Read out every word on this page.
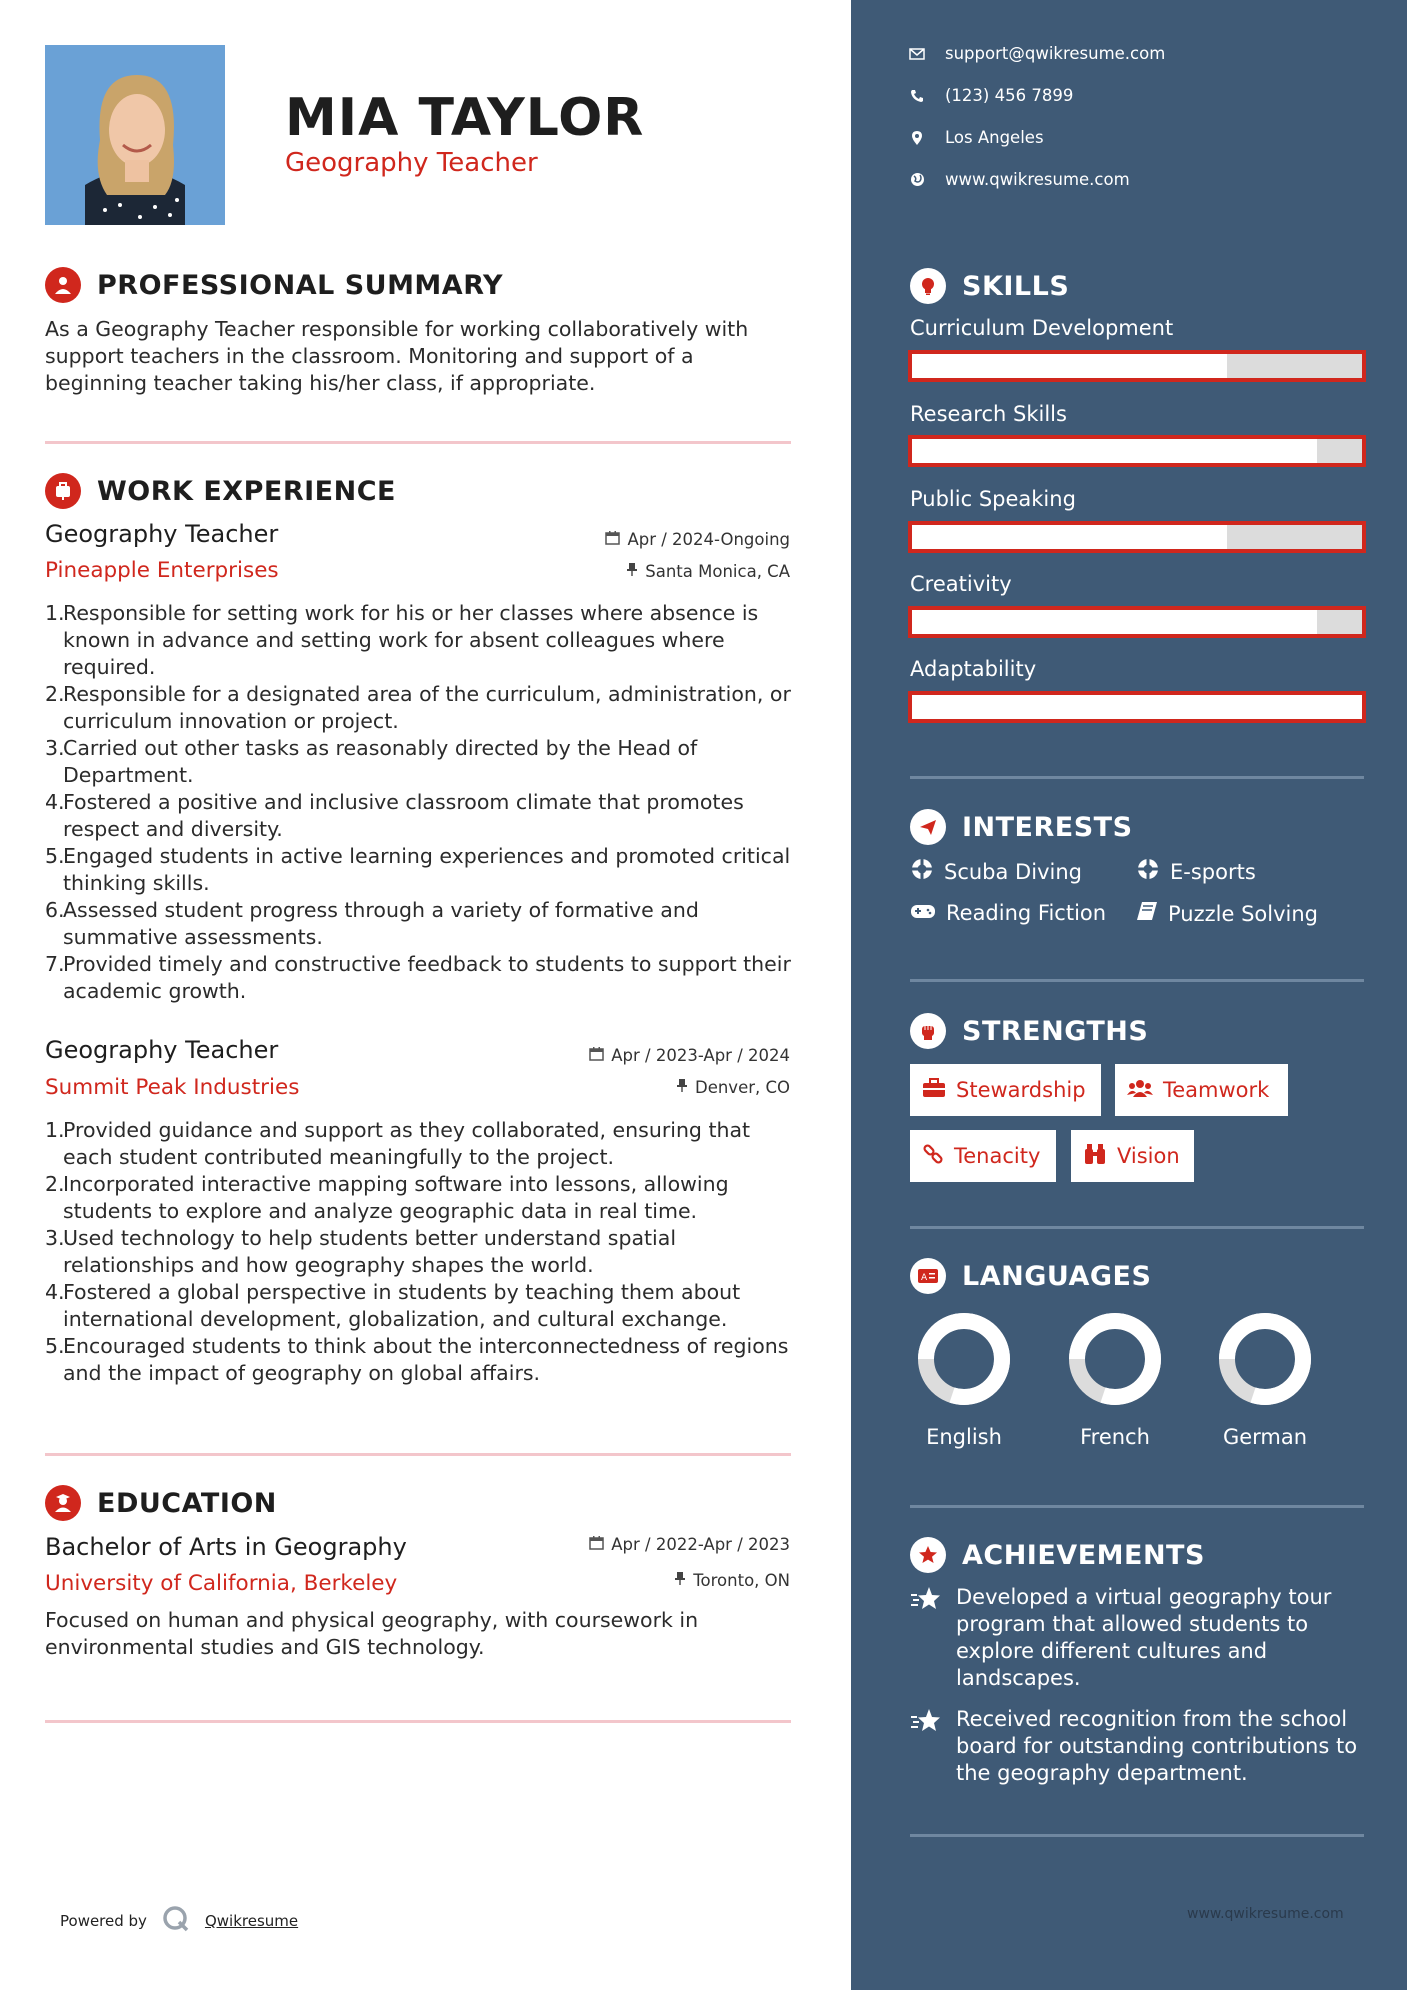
MIA TAYLOR
Geography Teacher
PROFESSIONAL SUMMARY
As a Geography Teacher responsible for working collaboratively with support teachers in the classroom. Monitoring and support of a beginning teacher taking his/her class, if appropriate.
WORK EXPERIENCE
Geography Teacher	Apr / 2024-Ongoing
Pineapple Enterprises	Santa Monica, CA
1.
Responsible for setting work for his or her classes where absence is known in advance and setting work for absent colleagues where required.
2.
Responsible for a designated area of the curriculum, administration, or curriculum innovation or project.
3.
Carried out other tasks as reasonably directed by the Head of Department.
4.
Fostered a positive and inclusive classroom climate that promotes respect and diversity.
5.
Engaged students in active learning experiences and promoted critical thinking skills.
6.
Assessed student progress through a variety of formative and summative assessments.
7.
Provided timely and constructive feedback to students to support their academic growth.
Geography Teacher	Apr / 2023-Apr / 2024
Summit Peak Industries	Denver, CO
1.
Provided guidance and support as they collaborated, ensuring that each student contributed meaningfully to the project.
2.
Incorporated interactive mapping software into lessons, allowing students to explore and analyze geographic data in real time.
3.
Used technology to help students better understand spatial relationships and how geography shapes the world.
4.
Fostered a global perspective in students by teaching them about international development, globalization, and cultural exchange.
5.
Encouraged students to think about the interconnectedness of regions and the impact of geography on global affairs.
EDUCATION
Bachelor of Arts in Geography	Apr / 2022-Apr / 2023
University of California, Berkeley	Toronto, ON
Focused on human and physical geography, with coursework in environmental studies and GIS technology.
Powered by	Qwikresume
support@qwikresume.com
(123) 456 7899
Los Angeles
www.qwikresume.com
SKILLS
Curriculum Development
Research Skills
Public Speaking
Creativity
Adaptability
INTERESTS
Scuba Diving	E-sports
Reading Fiction	Puzzle Solving
STRENGTHS
Stewardship	Teamwork
Tenacity	Vision
A LANGUAGES
English	French	German
ACHIEVEMENTS
Developed a virtual geography tour program that allowed students to explore different cultures and landscapes.
Received recognition from the school board for outstanding contributions to the geography department.
www.qwikresume.com
